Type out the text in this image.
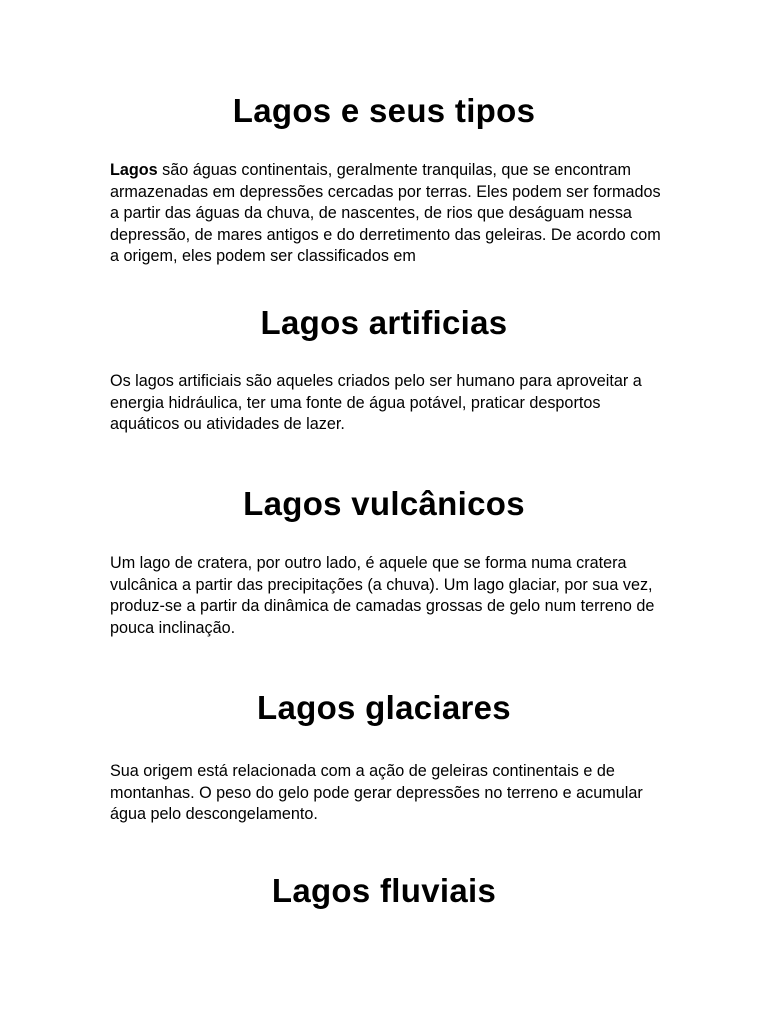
Lagos e seus tipos

Lagos são águas continentais, geralmente tranquilas, que se encontram armazenadas em depressões cercadas por terras. Eles podem ser formados a partir das águas da chuva, de nascentes, de rios que deságuam nessa depressão, de mares antigos e do derretimento das geleiras. De acordo com a origem, eles podem ser classificados em

Lagos artificias

Os lagos artificiais são aqueles criados pelo ser humano para aproveitar a energia hidráulica, ter uma fonte de água potável, praticar desportos aquáticos ou atividades de lazer.

Lagos vulcânicos

Um lago de cratera, por outro lado, é aquele que se forma numa cratera vulcânica a partir das precipitações (a chuva). Um lago glaciar, por sua vez, produz-se a partir da dinâmica de camadas grossas de gelo num terreno de pouca inclinação.

Lagos glaciares

Sua origem está relacionada com a ação de geleiras continentais e de montanhas. O peso do gelo pode gerar depressões no terreno e acumular água pelo descongelamento.

Lagos fluviais
